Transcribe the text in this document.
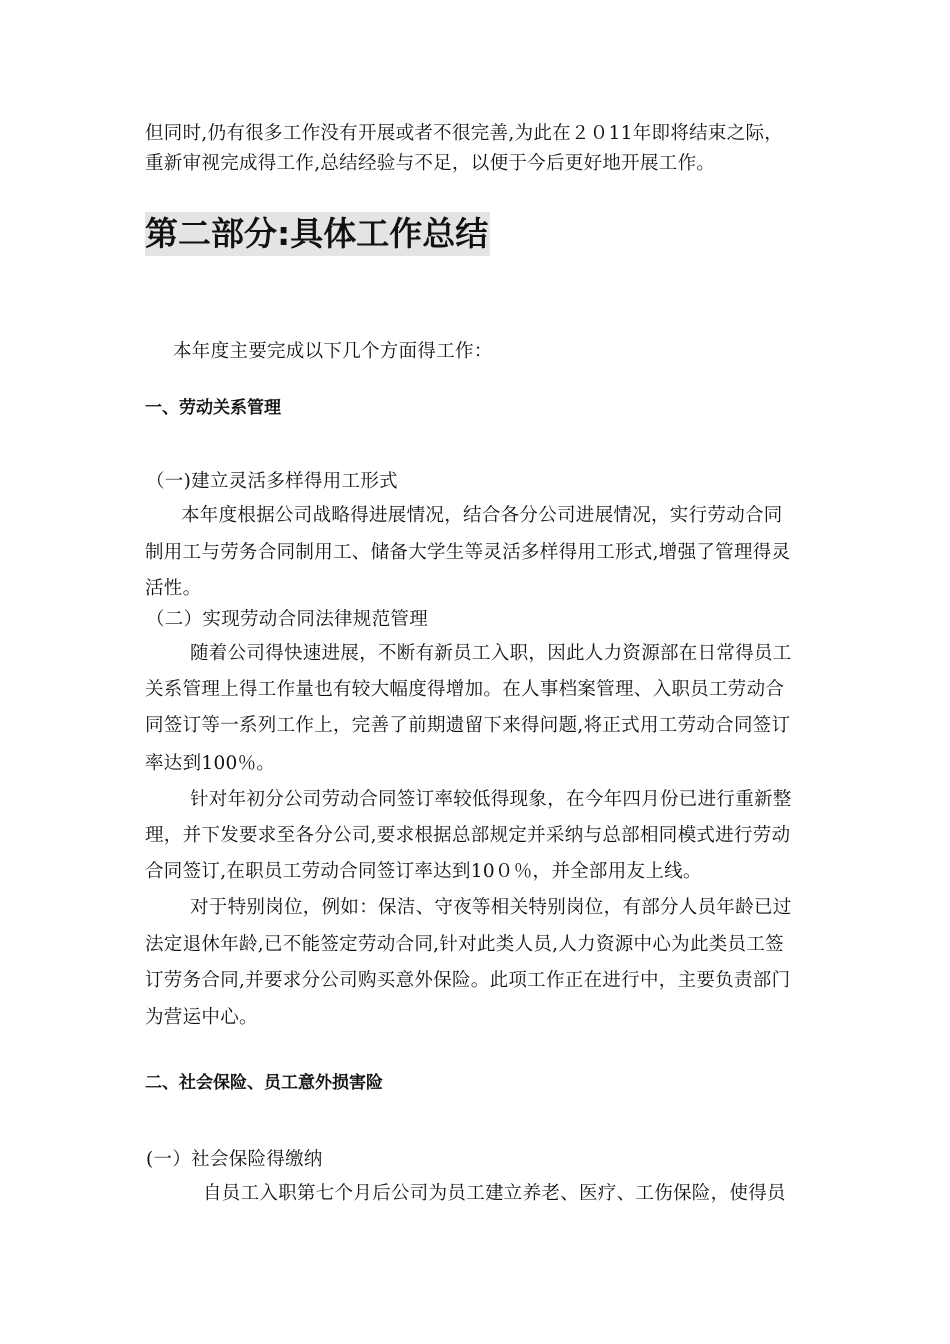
但同时,仍有很多工作没有开展或者不很完善,为此在２０11年即将结束之际，
重新审视完成得工作,总结经验与不足，以便于今后更好地开展工作。
第二部分:具体工作总结
本年度主要完成以下几个方面得工作：
一、劳动关系管理
（一)建立灵活多样得用工形式
本年度根据公司战略得进展情况，结合各分公司进展情况，实行劳动合同
制用工与劳务合同制用工、储备大学生等灵活多样得用工形式,增强了管理得灵
活性。
（二）实现劳动合同法律规范管理
随着公司得快速进展，不断有新员工入职，因此人力资源部在日常得员工
关系管理上得工作量也有较大幅度得增加。在人事档案管理、入职员工劳动合
同签订等一系列工作上，完善了前期遗留下来得问题,将正式用工劳动合同签订
率达到100％。
针对年初分公司劳动合同签订率较低得现象，在今年四月份已进行重新整
理，并下发要求至各分公司,要求根据总部规定并采纳与总部相同模式进行劳动
合同签订,在职员工劳动合同签订率达到10０％，并全部用友上线。
对于特别岗位，例如：保洁、守夜等相关特别岗位，有部分人员年龄已过
法定退休年龄,已不能签定劳动合同,针对此类人员,人力资源中心为此类员工签
订劳务合同,并要求分公司购买意外保险。此项工作正在进行中，主要负责部门
为营运中心。
二、社会保险、员工意外损害险
(一）社会保险得缴纳
自员工入职第七个月后公司为员工建立养老、医疗、工伤保险，使得员
